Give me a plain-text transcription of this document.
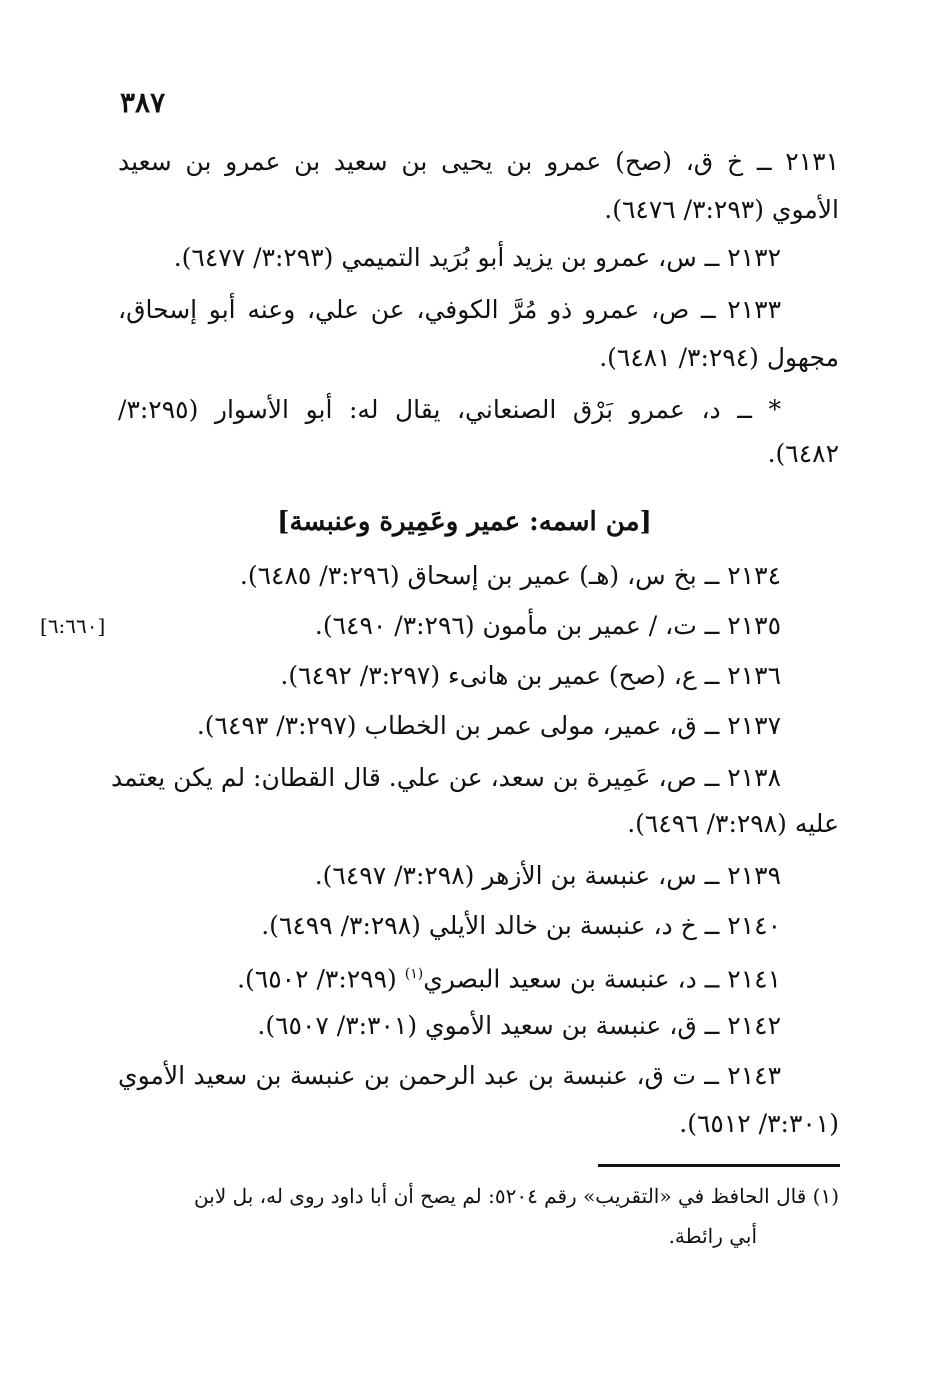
٣٨٧
٢١٣١ ــ خ ق، (صح) عمرو بن يحيى بن سعيد بن عمرو بن سعيد
الأموي (٣:٢٩٣/ ٦٤٧٦).
٢١٣٢ ــ س، عمرو بن يزيد أبو بُرَيد التميمي (٣:٢٩٣/ ٦٤٧٧).
٢١٣٣ ــ ص، عمرو ذو مُرَّ الكوفي، عن علي، وعنه أبو إسحاق،
مجهول (٣:٢٩٤/ ٦٤٨١).
* ــ د، عمرو بَرْق الصنعاني، يقال له: أبو الأسوار (٣:٢٩٥/
٦٤٨٢).
[من اسمه: عمير وعَمِيرة وعنبسة]
٢١٣٤ ــ بخ س، (هـ) عمير بن إسحاق (٣:٢٩٦/ ٦٤٨٥).
٢١٣٥ ــ ت، / عمير بن مأمون (٣:٢٩٦/ ٦٤٩٠).
[٦:٦٦٠]
٢١٣٦ ــ ع، (صح) عمير بن هانىء (٣:٢٩٧/ ٦٤٩٢).
٢١٣٧ ــ ق، عمير، مولى عمر بن الخطاب (٣:٢٩٧/ ٦٤٩٣).
٢١٣٨ ــ ص، عَمِيرة بن سعد، عن علي. قال القطان: لم يكن يعتمد
عليه (٣:٢٩٨/ ٦٤٩٦).
٢١٣٩ ــ س، عنبسة بن الأزهر (٣:٢٩٨/ ٦٤٩٧).
٢١٤٠ ــ خ د، عنبسة بن خالد الأيلي (٣:٢٩٨/ ٦٤٩٩).
٢١٤١ ــ د، عنبسة بن سعيد البصري$^{(١)}$ (٣:٢٩٩/ ٦٥٠٢).
٢١٤٢ ــ ق، عنبسة بن سعيد الأموي (٣:٣٠١/ ٦٥٠٧).
٢١٤٣ ــ ت ق، عنبسة بن عبد الرحمن بن عنبسة بن سعيد الأموي
(٣:٣٠١/ ٦٥١٢).
(١) قال الحافظ في «التقريب» رقم ٥٢٠٤: لم يصح أن أبا داود روى له، بل لابن
أبي رائطة.
